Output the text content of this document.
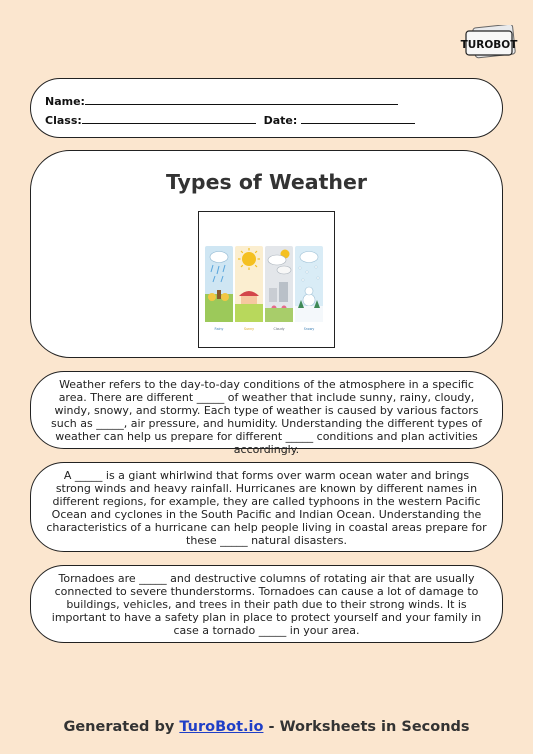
TUROBOT
Name:
Class:	Date:
Types of Weather
Rainy	Sunny	Cloudy	Snowy
Weather refers to the day-to-day conditions of the atmosphere in a specific area. There are different _____ of weather that include sunny, rainy, cloudy, windy, snowy, and stormy. Each type of weather is caused by various factors such as _____, air pressure, and humidity. Understanding the different types of weather can help us prepare for different _____ conditions and plan activities accordingly.
A _____ is a giant whirlwind that forms over warm ocean water and brings strong winds and heavy rainfall. Hurricanes are known by different names in different regions, for example, they are called typhoons in the western Pacific Ocean and cyclones in the South Pacific and Indian Ocean. Understanding the characteristics of a hurricane can help people living in coastal areas prepare for these _____ natural disasters.
Tornadoes are _____ and destructive columns of rotating air that are usually connected to severe thunderstorms. Tornadoes can cause a lot of damage to buildings, vehicles, and trees in their path due to their strong winds. It is important to have a safety plan in place to protect yourself and your family in case a tornado _____ in your area.
Generated by TuroBot.io - Worksheets in Seconds
